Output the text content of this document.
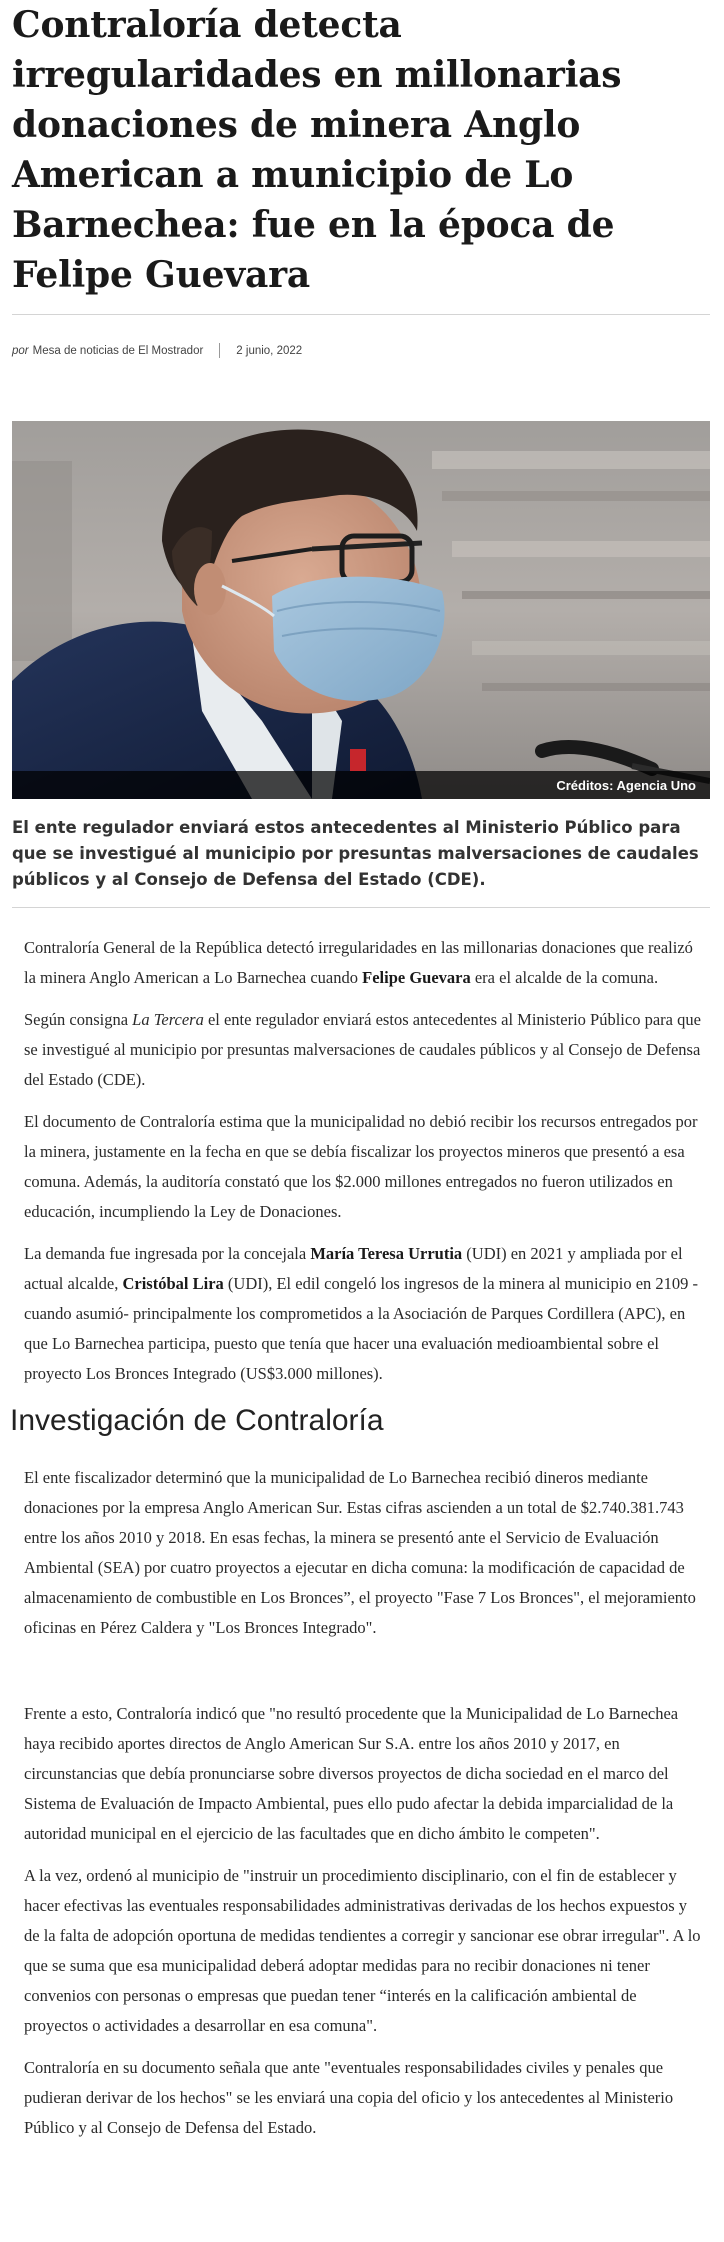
Contraloría detecta irregularidades en millonarias donaciones de minera Anglo American a municipio de Lo Barnechea: fue en la época de Felipe Guevara
por Mesa de noticias de El Mostrador	2 junio, 2022
Créditos: Agencia Uno

El ente regulador enviará estos antecedentes al Ministerio Público para que se investigué al municipio por presuntas malversaciones de caudales públicos y al Consejo de Defensa del Estado (CDE).

Contraloría General de la República detectó irregularidades en las millonarias donaciones que realizó la minera Anglo American a Lo Barnechea cuando Felipe Guevara era el alcalde de la comuna.

Según consigna La Tercera el ente regulador enviará estos antecedentes al Ministerio Público para que se investigué al municipio por presuntas malversaciones de caudales públicos y al Consejo de Defensa del Estado (CDE).

El documento de Contraloría estima que la municipalidad no debió recibir los recursos entregados por la minera, justamente en la fecha en que se debía fiscalizar los proyectos mineros que presentó a esa comuna. Además, la auditoría constató que los $2.000 millones entregados no fueron utilizados en educación, incumpliendo la Ley de Donaciones.

La demanda fue ingresada por la concejala María Teresa Urrutia (UDI) en 2021 y ampliada por el actual alcalde, Cristóbal Lira (UDI), El edil congeló los ingresos de la minera al municipio en 2109 -cuando asumió- principalmente los comprometidos a la Asociación de Parques Cordillera (APC), en que Lo Barnechea participa, puesto que tenía que hacer una evaluación medioambiental sobre el proyecto Los Bronces Integrado (US$3.000 millones).

Investigación de Contraloría

El ente fiscalizador determinó que la municipalidad de Lo Barnechea recibió dineros mediante donaciones por la empresa Anglo American Sur. Estas cifras ascienden a un total de $2.740.381.743 entre los años 2010 y 2018. En esas fechas, la minera se presentó ante el Servicio de Evaluación Ambiental (SEA) por cuatro proyectos a ejecutar en dicha comuna: la modificación de capacidad de almacenamiento de combustible en Los Bronces”, el proyecto "Fase 7 Los Bronces", el mejoramiento oficinas en Pérez Caldera y "Los Bronces Integrado".

Frente a esto, Contraloría indicó que "no resultó procedente que la Municipalidad de Lo Barnechea haya recibido aportes directos de Anglo American Sur S.A. entre los años 2010 y 2017, en circunstancias que debía pronunciarse sobre diversos proyectos de dicha sociedad en el marco del Sistema de Evaluación de Impacto Ambiental, pues ello pudo afectar la debida imparcialidad de la autoridad municipal en el ejercicio de las facultades que en dicho ámbito le competen".

A la vez, ordenó al municipio de "instruir un procedimiento disciplinario, con el fin de establecer y hacer efectivas las eventuales responsabilidades administrativas derivadas de los hechos expuestos y de la falta de adopción oportuna de medidas tendientes a corregir y sancionar ese obrar irregular". A lo que se suma que esa municipalidad deberá adoptar medidas para no recibir donaciones ni tener convenios con personas o empresas que puedan tener “interés en la calificación ambiental de proyectos o actividades a desarrollar en esa comuna".

Contraloría en su documento señala que ante "eventuales responsabilidades civiles y penales que pudieran derivar de los hechos" se les enviará una copia del oficio y los antecedentes al Ministerio Público y al Consejo de Defensa del Estado.
